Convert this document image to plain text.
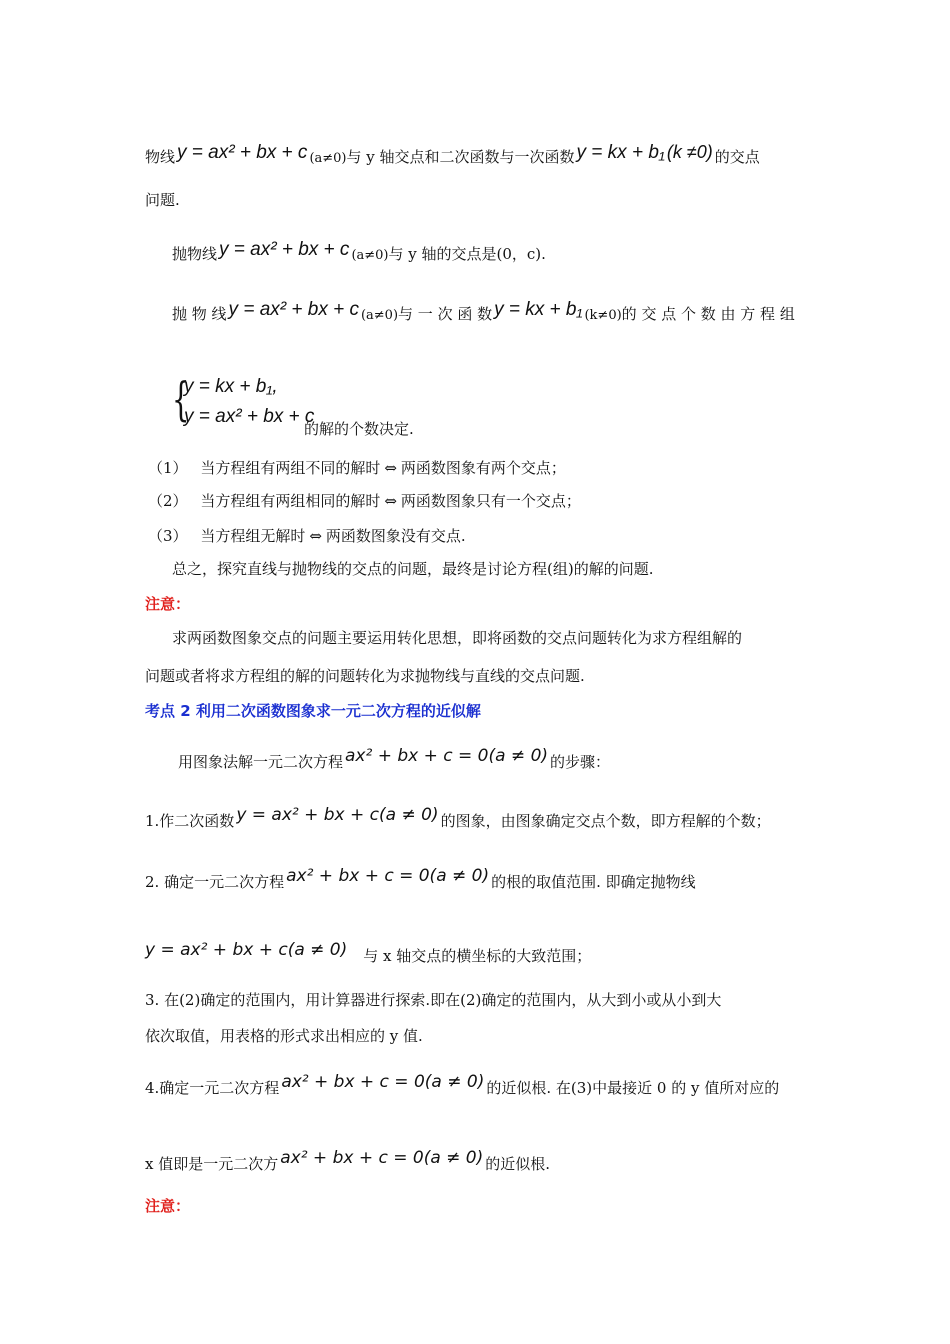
物线 y = ax² + bx + c (a≠0)与 y 轴交点和二次函数与一次函数 y = kx + b₁ (k ≠0) 的交点
问题.
抛物线 y = ax² + bx + c (a≠0)与 y 轴的交点是(0，c).
抛 物 线 y = ax² + bx + c (a≠0)与 一 次 函 数 y = kx + b₁ (k≠0)的 交 点 个 数 由 方 程 组
{
y = kx + b₁,
y = ax² + bx + c
的解的个数决定.
（1） 当方程组有两组不同的解时 ⇔ 两函数图象有两个交点；
（2） 当方程组有两组相同的解时 ⇔ 两函数图象只有一个交点；
（3） 当方程组无解时 ⇔ 两函数图象没有交点.
总之，探究直线与抛物线的交点的问题，最终是讨论方程(组)的解的问题.
注意：
求两函数图象交点的问题主要运用转化思想，即将函数的交点问题转化为求方程组解的
问题或者将求方程组的解的问题转化为求抛物线与直线的交点问题.
考点 2 利用二次函数图象求一元二次方程的近似解
用图象法解一元二次方程 ax² + bx + c = 0(a ≠ 0) 的步骤：
1.作二次函数 y = ax² + bx + c(a ≠ 0) 的图象，由图象确定交点个数，即方程解的个数；
2. 确定一元二次方程 ax² + bx + c = 0(a ≠ 0) 的根的取值范围. 即确定抛物线
y = ax² + bx + c(a ≠ 0) 与 x 轴交点的横坐标的大致范围；
3. 在(2)确定的范围内，用计算器进行探索.即在(2)确定的范围内，从大到小或从小到大
依次取值，用表格的形式求出相应的 y 值.
4.确定一元二次方程 ax² + bx + c = 0(a ≠ 0) 的近似根. 在(3)中最接近 0 的 y 值所对应的
x 值即是一元二次方 ax² + bx + c = 0(a ≠ 0) 的近似根.
注意：
